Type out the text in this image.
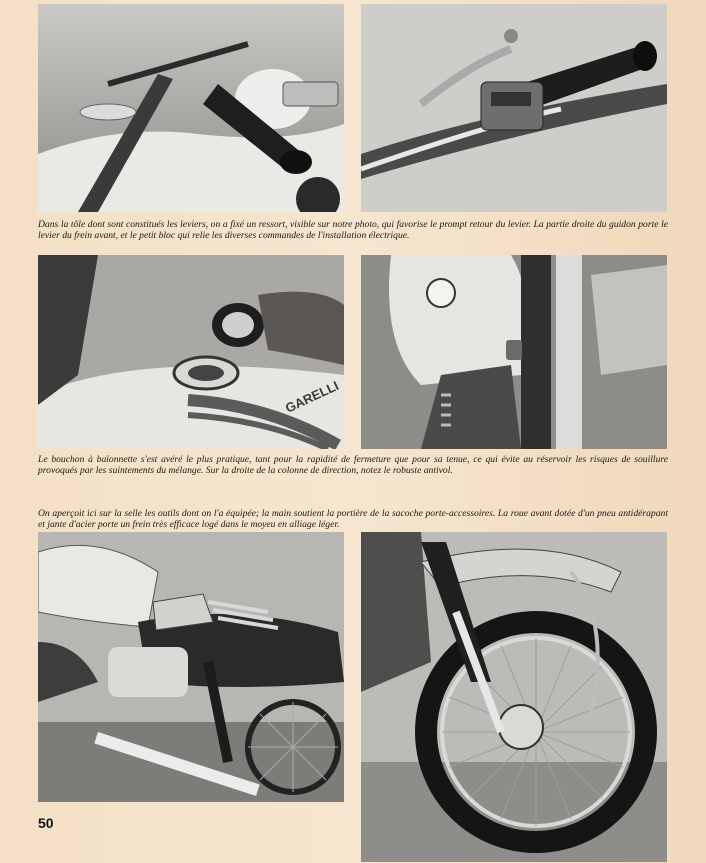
Dans la tôle dont sont constitués les leviers, on a fixé un ressort, visible sur notre photo, qui favorise le prompt retour du levier. La partie droite du guidon porte le levier du frein avant, et le petit bloc qui relie les diverses commandes de l'installation électrique.

GARELLI

Le bouchon à baïonnette s'est avéré le plus pratique, tant pour la rapidité de fermeture que pour sa tenue, ce qui évite au réservoir les risques de souillure provoqués par les suintements du mélange. Sur la droite de la colonne de direction, notez le robuste antivol.

On aperçoit ici sur la selle les outils dont on l'a équipée; la main soutient la portière de la sacoche porte-accessoires. La roue avant dotée d'un pneu antidérapant et jante d'acier porte un frein très efficace logé dans le moyeu en alliage léger.

50
